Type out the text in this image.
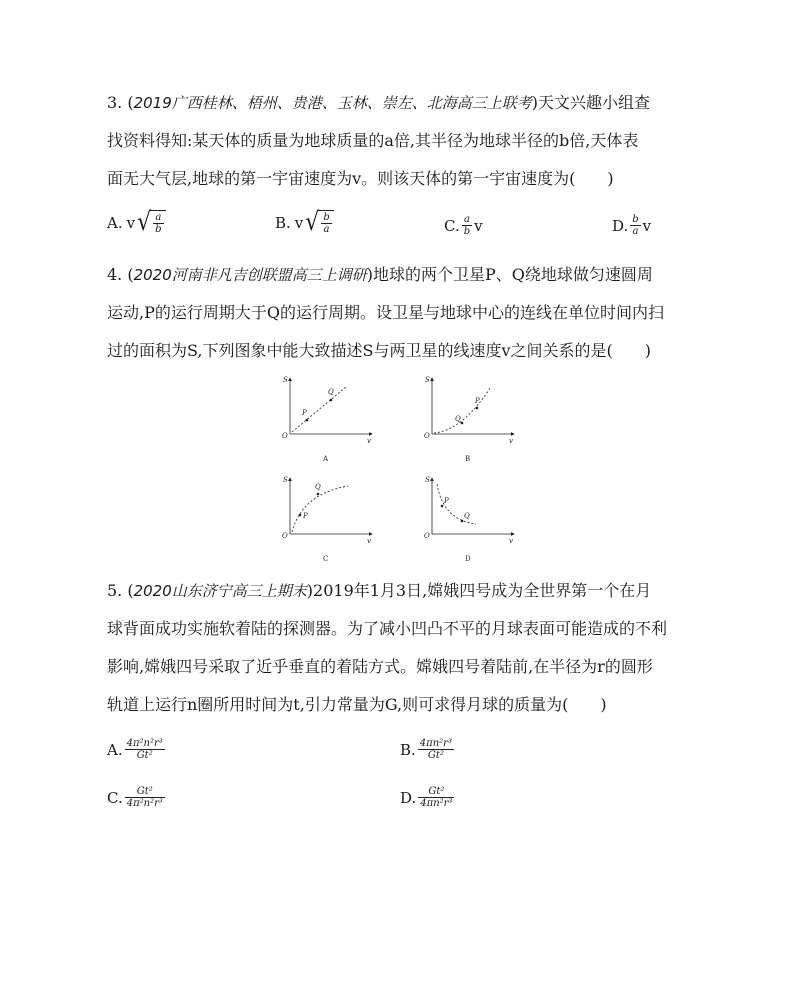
3. (2019广西桂林、梧州、贵港、玉林、崇左、北海高三上联考)天文兴趣小组查
找资料得知:某天体的质量为地球质量的a倍,其半径为地球半径的b倍,天体表
面无大气层,地球的第一宇宙速度为v。则该天体的第一宇宙速度为(　　)
A. v √ $\frac{a}{b}$	B. v √ $\frac{b}{a}$	C. $\frac{a}{b}$ v	D. $\frac{b}{a}$ v
4. (2020河南非凡吉创联盟高三上调研)地球的两个卫星P、Q绕地球做匀速圆周
运动,P的运行周期大于Q的运行周期。设卫星与地球中心的连线在单位时间内扫
过的面积为S,下列图象中能大致描述S与两卫星的线速度v之间关系的是(　　)
S
v
O
P
Q
A
S
v
O
Q
P
B
S
v
O
P
Q
C
S
v
O
P
Q
D
5. (2020山东济宁高三上期末)2019年1月3日,嫦娥四号成为全世界第一个在月
球背面成功实施软着陆的探测器。为了减小凹凸不平的月球表面可能造成的不利
影响,嫦娥四号采取了近乎垂直的着陆方式。嫦娥四号着陆前,在半径为r的圆形
轨道上运行n圈所用时间为t,引力常量为G,则可求得月球的质量为(　　)
A. $\frac{\text{4π²n²r³}}{\text{Gt²}}$	B. $\frac{\text{4πn²r³}}{\text{Gt²}}$
C. $\frac{\text{Gt²}}{\text{4π²n²r³}}$	D. $\frac{\text{Gt²}}{\text{4πn²r³}}$
